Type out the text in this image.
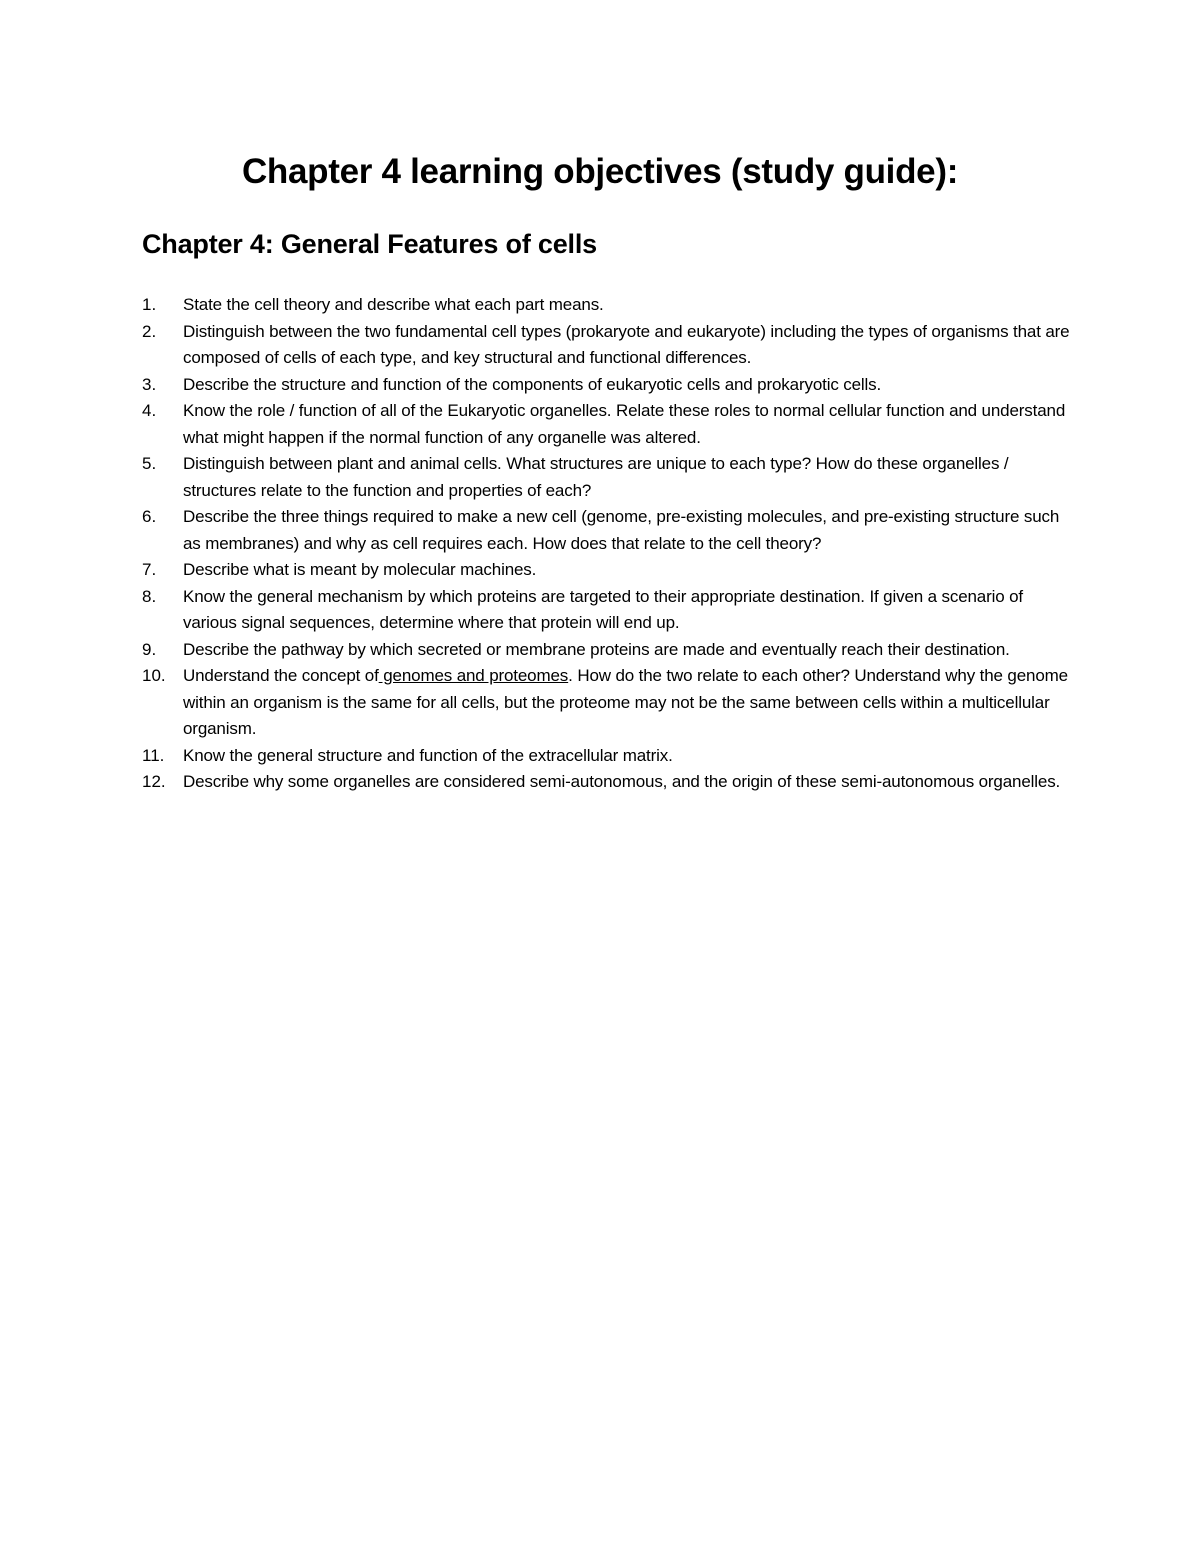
Chapter 4 learning objectives (study guide):
Chapter 4: General Features of cells
1.	State the cell theory and describe what each part means.
2.	Distinguish between the two fundamental cell types (prokaryote and eukaryote) including the types of organisms that are composed of cells of each type, and key structural and functional differences.
3.	Describe the structure and function of the components of eukaryotic cells and prokaryotic cells.
4.	Know the role / function of all of the Eukaryotic organelles. Relate these roles to normal cellular function and understand what might happen if the normal function of any organelle was altered.
5.	Distinguish between plant and animal cells. What structures are unique to each type? How do these organelles / structures relate to the function and properties of each?
6.	Describe the three things required to make a new cell (genome, pre-existing molecules, and pre-existing structure such as membranes) and why as cell requires each. How does that relate to the cell theory?
7.	Describe what is meant by molecular machines.
8.	Know the general mechanism by which proteins are targeted to their appropriate destination. If given a scenario of various signal sequences, determine where that protein will end up.
9.	Describe the pathway by which secreted or membrane proteins are made and eventually reach their destination.
10.	Understand the concept of genomes and proteomes. How do the two relate to each other? Understand why the genome within an organism is the same for all cells, but the proteome may not be the same between cells within a multicellular organism.
11.	Know the general structure and function of the extracellular matrix.
12.	Describe why some organelles are considered semi-autonomous, and the origin of these semi-autonomous organelles.
